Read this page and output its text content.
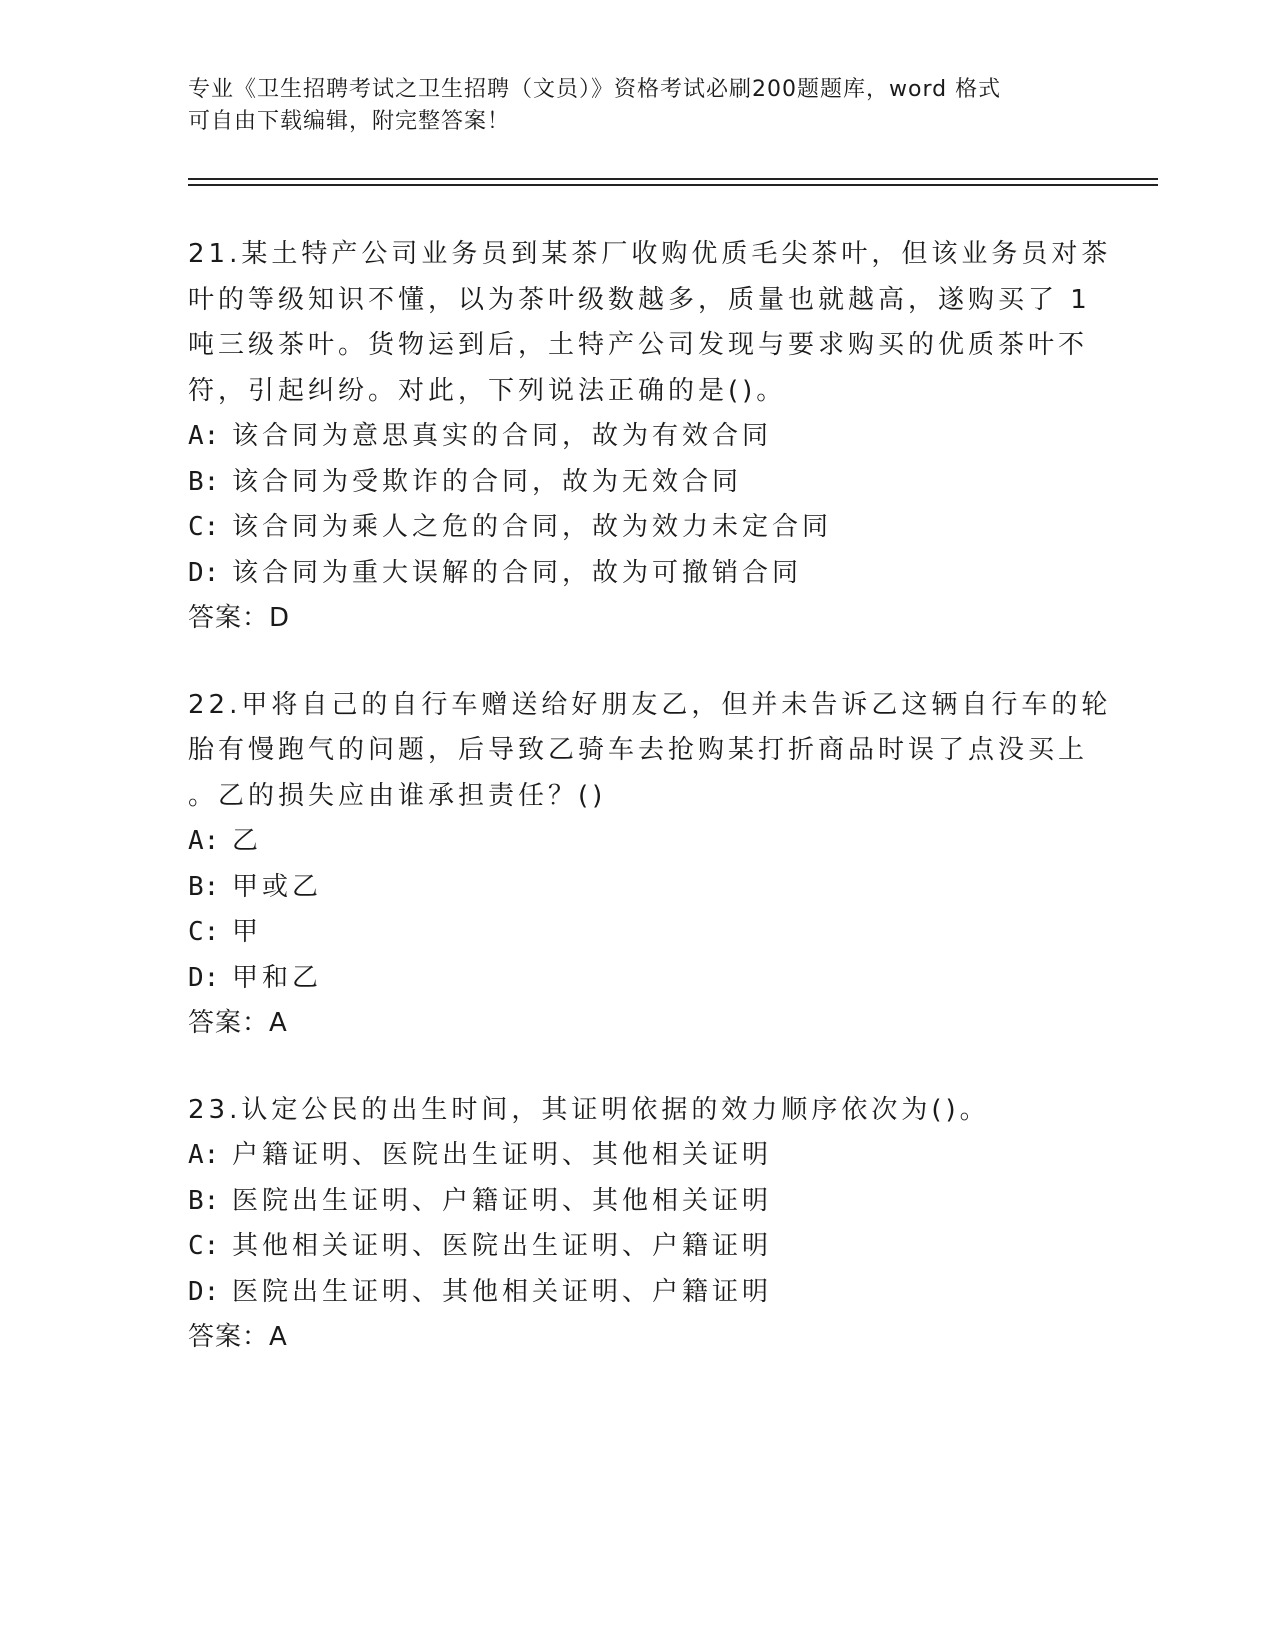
专业《卫生招聘考试之卫生招聘（文员）》资格考试必刷200题题库，word 格式
可自由下载编辑，附完整答案！
21.某土特产公司业务员到某茶厂收购优质毛尖茶叶，但该业务员对茶
叶的等级知识不懂，以为茶叶级数越多，质量也就越高，遂购买了 1
吨三级茶叶。货物运到后，土特产公司发现与要求购买的优质茶叶不
符，引起纠纷。对此，下列说法正确的是()。
A: 该合同为意思真实的合同，故为有效合同
B: 该合同为受欺诈的合同，故为无效合同
C: 该合同为乘人之危的合同，故为效力未定合同
D: 该合同为重大误解的合同，故为可撤销合同
答案：D
22.甲将自己的自行车赠送给好朋友乙，但并未告诉乙这辆自行车的轮
胎有慢跑气的问题，后导致乙骑车去抢购某打折商品时误了点没买上
。乙的损失应由谁承担责任？()
A: 乙
B: 甲或乙
C: 甲
D: 甲和乙
答案：A
23.认定公民的出生时间，其证明依据的效力顺序依次为()。
A: 户籍证明、医院出生证明、其他相关证明
B: 医院出生证明、户籍证明、其他相关证明
C: 其他相关证明、医院出生证明、户籍证明
D: 医院出生证明、其他相关证明、户籍证明
答案：A
